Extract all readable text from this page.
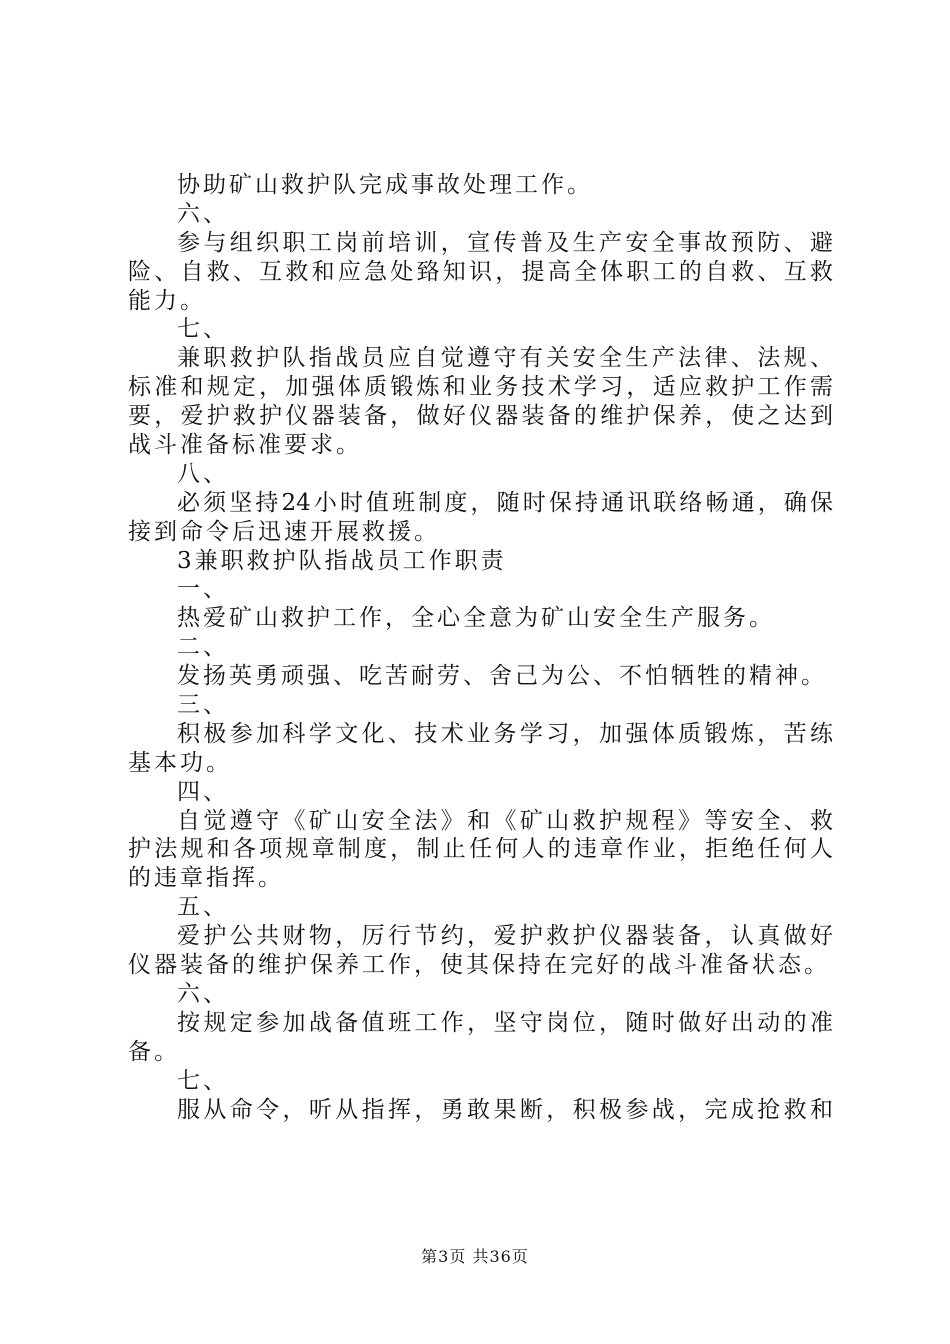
协助矿山救护队完成事故处理工作。
六、
参与组织职工岗前培训，宣传普及生产安全事故预防、避
险、自救、互救和应急处臵知识，提高全体职工的自救、互救
能力。
七、
兼职救护队指战员应自觉遵守有关安全生产法律、法规、
标准和规定，加强体质锻炼和业务技术学习，适应救护工作需
要，爱护救护仪器装备，做好仪器装备的维护保养，使之达到
战斗准备标准要求。
八、
必须坚持24小时值班制度，随时保持通讯联络畅通，确保
接到命令后迅速开展救援。
3兼职救护队指战员工作职责
一、
热爱矿山救护工作，全心全意为矿山安全生产服务。
二、
发扬英勇顽强、吃苦耐劳、舍己为公、不怕牺牲的精神。
三、
积极参加科学文化、技术业务学习，加强体质锻炼，苦练
基本功。
四、
自觉遵守《矿山安全法》和《矿山救护规程》等安全、救
护法规和各项规章制度，制止任何人的违章作业，拒绝任何人
的违章指挥。
五、
爱护公共财物，厉行节约，爱护救护仪器装备，认真做好
仪器装备的维护保养工作，使其保持在完好的战斗准备状态。
六、
按规定参加战备值班工作，坚守岗位，随时做好出动的准
备。
七、
服从命令，听从指挥，勇敢果断，积极参战，完成抢救和
第3页 共36页
